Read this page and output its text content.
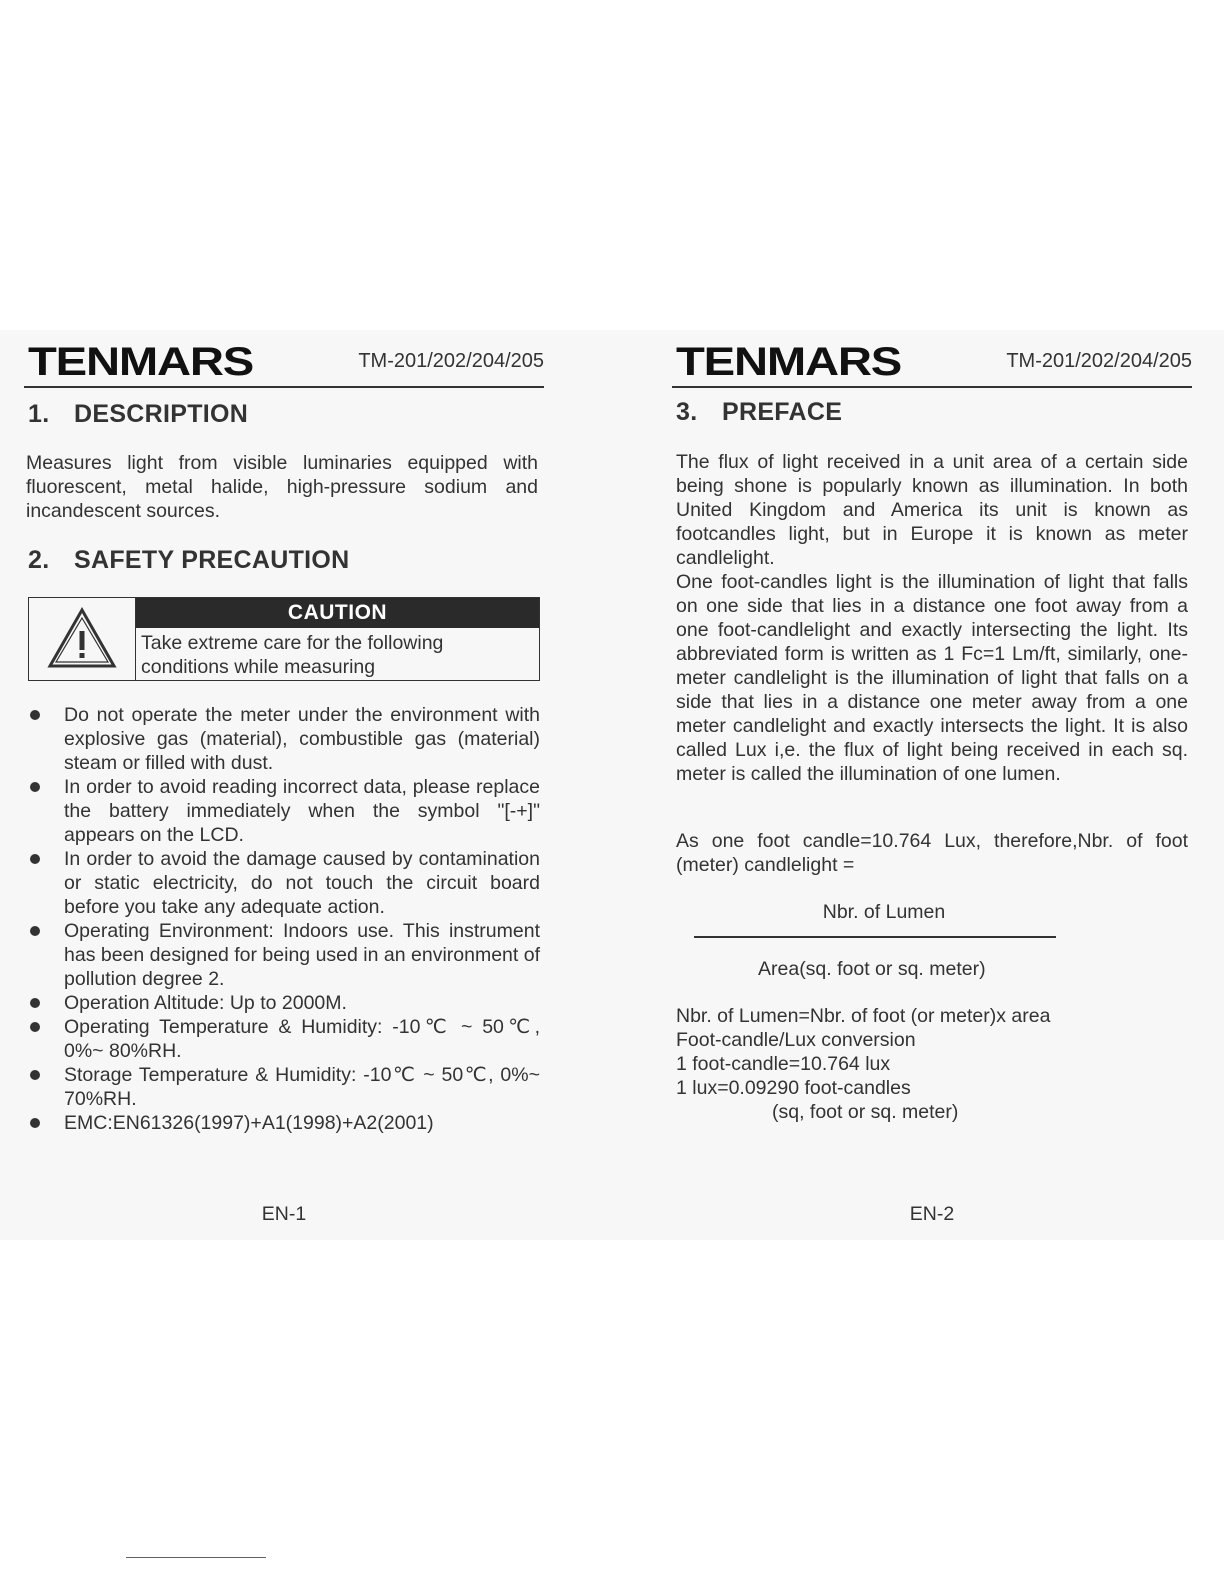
TENMARS	TM-201/202/204/205
1. DESCRIPTION

Measures light from visible luminaries equipped with fluorescent, metal halide, high-pressure sodium and incandescent sources.

2. SAFETY PRECAUTION
CAUTION
Take extreme care for the following
conditions while measuring
Do not operate the meter under the environment with explosive gas (material), combustible gas (material) steam or filled with dust.
In order to avoid reading incorrect data, please replace the battery immediately when the symbol "[-+]" appears on the LCD.
In order to avoid the damage caused by contamination or static electricity, do not touch the circuit board before you take any adequate action.
Operating Environment: Indoors use. This instrument has been designed for being used in an environment of pollution degree 2.
Operation Altitude: Up to 2000M.
Operating Temperature & Humidity: -10℃ ~ 50℃, 0%~ 80%RH.
Storage Temperature & Humidity: -10℃ ~ 50℃, 0%~ 70%RH.
EMC:EN61326(1997)+A1(1998)+A2(2001)
EN-1
TENMARS	TM-201/202/204/205
3. PREFACE

The flux of light received in a unit area of a certain side being shone is popularly known as illumination. In both United Kingdom and America its unit is known as footcandles light, but in Europe it is known as meter candlelight.

One foot-candles light is the illumination of light that falls on one side that lies in a distance one foot away from a one foot-candlelight and exactly intersecting the light. Its abbreviated form is written as 1 Fc=1 Lm/ft, similarly, one-meter candlelight is the illumination of light that falls on a side that lies in a distance one meter away from a one meter candlelight and exactly intersects the light. It is also called Lux i,e. the flux of light being received in each sq. meter is called the illumination of one lumen.

As one foot candle=10.764 Lux, therefore,Nbr. of foot (meter) candlelight =

Nbr. of Lumen
Area(sq. foot or sq. meter)
Nbr. of Lumen=Nbr. of foot (or meter)x area
Foot-candle/Lux conversion
1 foot-candle=10.764 lux
1 lux=0.09290 foot-candles
(sq, foot or sq. meter)
EN-2
